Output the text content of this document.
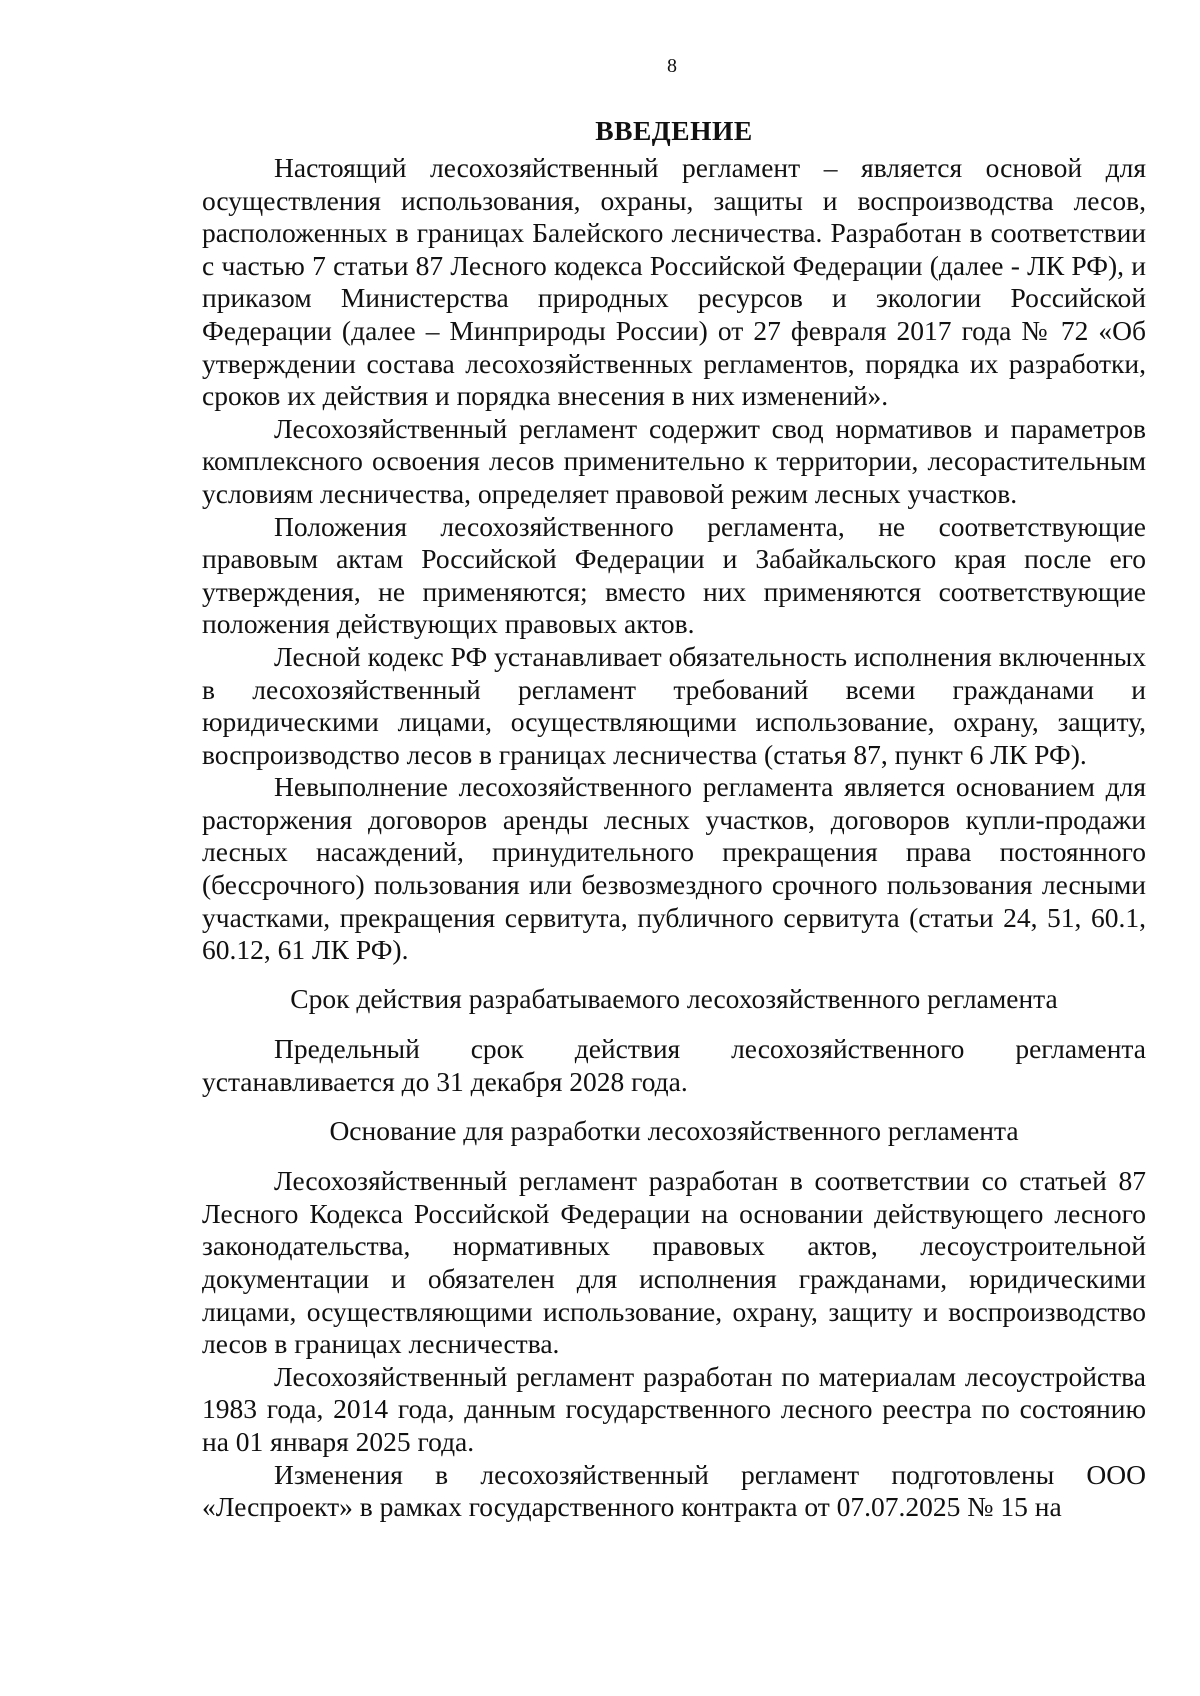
8
ВВЕДЕНИЕ

Настоящий лесохозяйственный регламент – является основой для осуществления использования, охраны, защиты и воспроизводства лесов, расположенных в границах Балейского лесничества. Разработан в соответствии с частью 7 статьи 87 Лесного кодекса Российской Федерации (далее - ЛК РФ), и приказом Министерства природных ресурсов и экологии Российской Федерации (далее – Минприроды России) от 27 февраля 2017 года № 72 «Об утверждении состава лесохозяйственных регламентов, порядка их разработки, сроков их действия и порядка внесения в них изменений».

Лесохозяйственный регламент содержит свод нормативов и параметров комплексного освоения лесов применительно к территории, лесорастительным условиям лесничества, определяет правовой режим лесных участков.

Положения лесохозяйственного регламента, не соответствующие правовым актам Российской Федерации и Забайкальского края после его утверждения, не применяются; вместо них применяются соответствующие положения действующих правовых актов.

Лесной кодекс РФ устанавливает обязательность исполнения включенных в лесохозяйственный регламент требований всеми гражданами и юридическими лицами, осуществляющими использование, охрану, защиту, воспроизводство лесов в границах лесничества (статья 87, пункт 6 ЛК РФ).

Невыполнение лесохозяйственного регламента является основанием для расторжения договоров аренды лесных участков, договоров купли-продажи лесных насаждений, принудительного прекращения права постоянного (бессрочного) пользования или безвозмездного срочного пользования лесными участками, прекращения сервитута, публичного сервитута (статьи 24, 51, 60.1, 60.12, 61 ЛК РФ).

Срок действия разрабатываемого лесохозяйственного регламента

Предельный срок действия лесохозяйственного регламента устанавливается до 31 декабря 2028 года.

Основание для разработки лесохозяйственного регламента

Лесохозяйственный регламент разработан в соответствии со статьей 87 Лесного Кодекса Российской Федерации на основании действующего лесного законодательства, нормативных правовых актов, лесоустроительной документации и обязателен для исполнения гражданами, юридическими лицами, осуществляющими использование, охрану, защиту и воспроизводство лесов в границах лесничества.

Лесохозяйственный регламент разработан по материалам лесоустройства 1983 года, 2014 года, данным государственного лесного реестра по состоянию на 01 января 2025 года.

Изменения в лесохозяйственный регламент подготовлены ООО «Леспроект» в рамках государственного контракта от 07.07.2025 № 15 на
